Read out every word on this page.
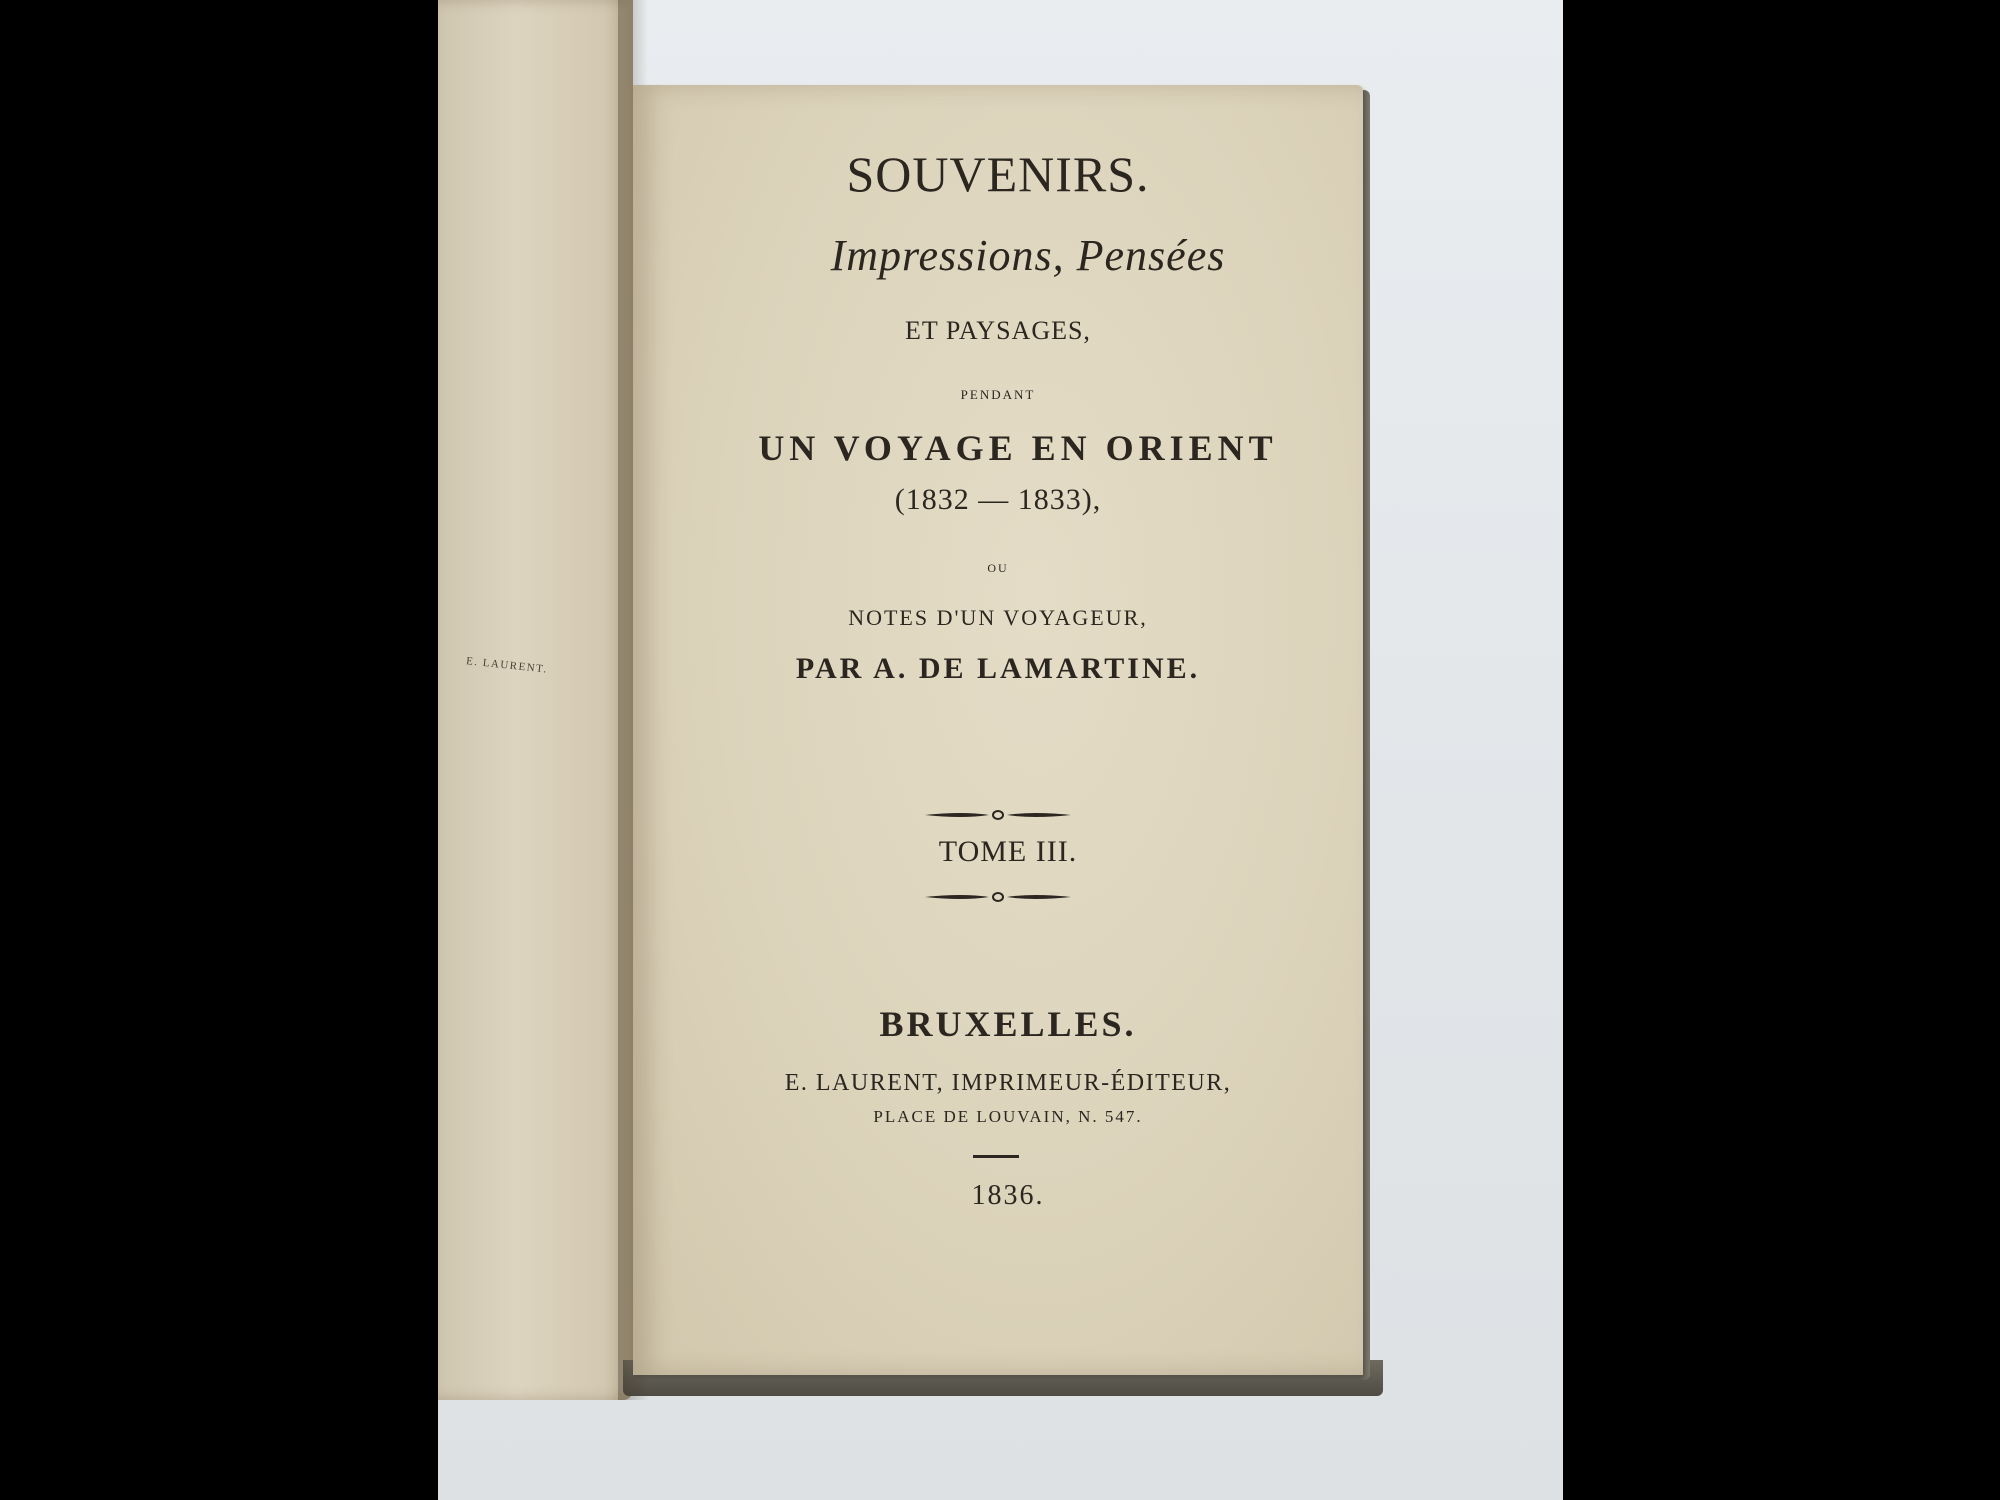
E. LAURENT.
SOUVENIRS.
Impressions, Pensées
ET PAYSAGES,
PENDANT
UN VOYAGE EN ORIENT
(1832 — 1833),
OU
NOTES D'UN VOYAGEUR,
PAR A. DE LAMARTINE.
TOME III.
BRUXELLES.
E. LAURENT, IMPRIMEUR-ÉDITEUR,
PLACE DE LOUVAIN, N. 547.
1836.
